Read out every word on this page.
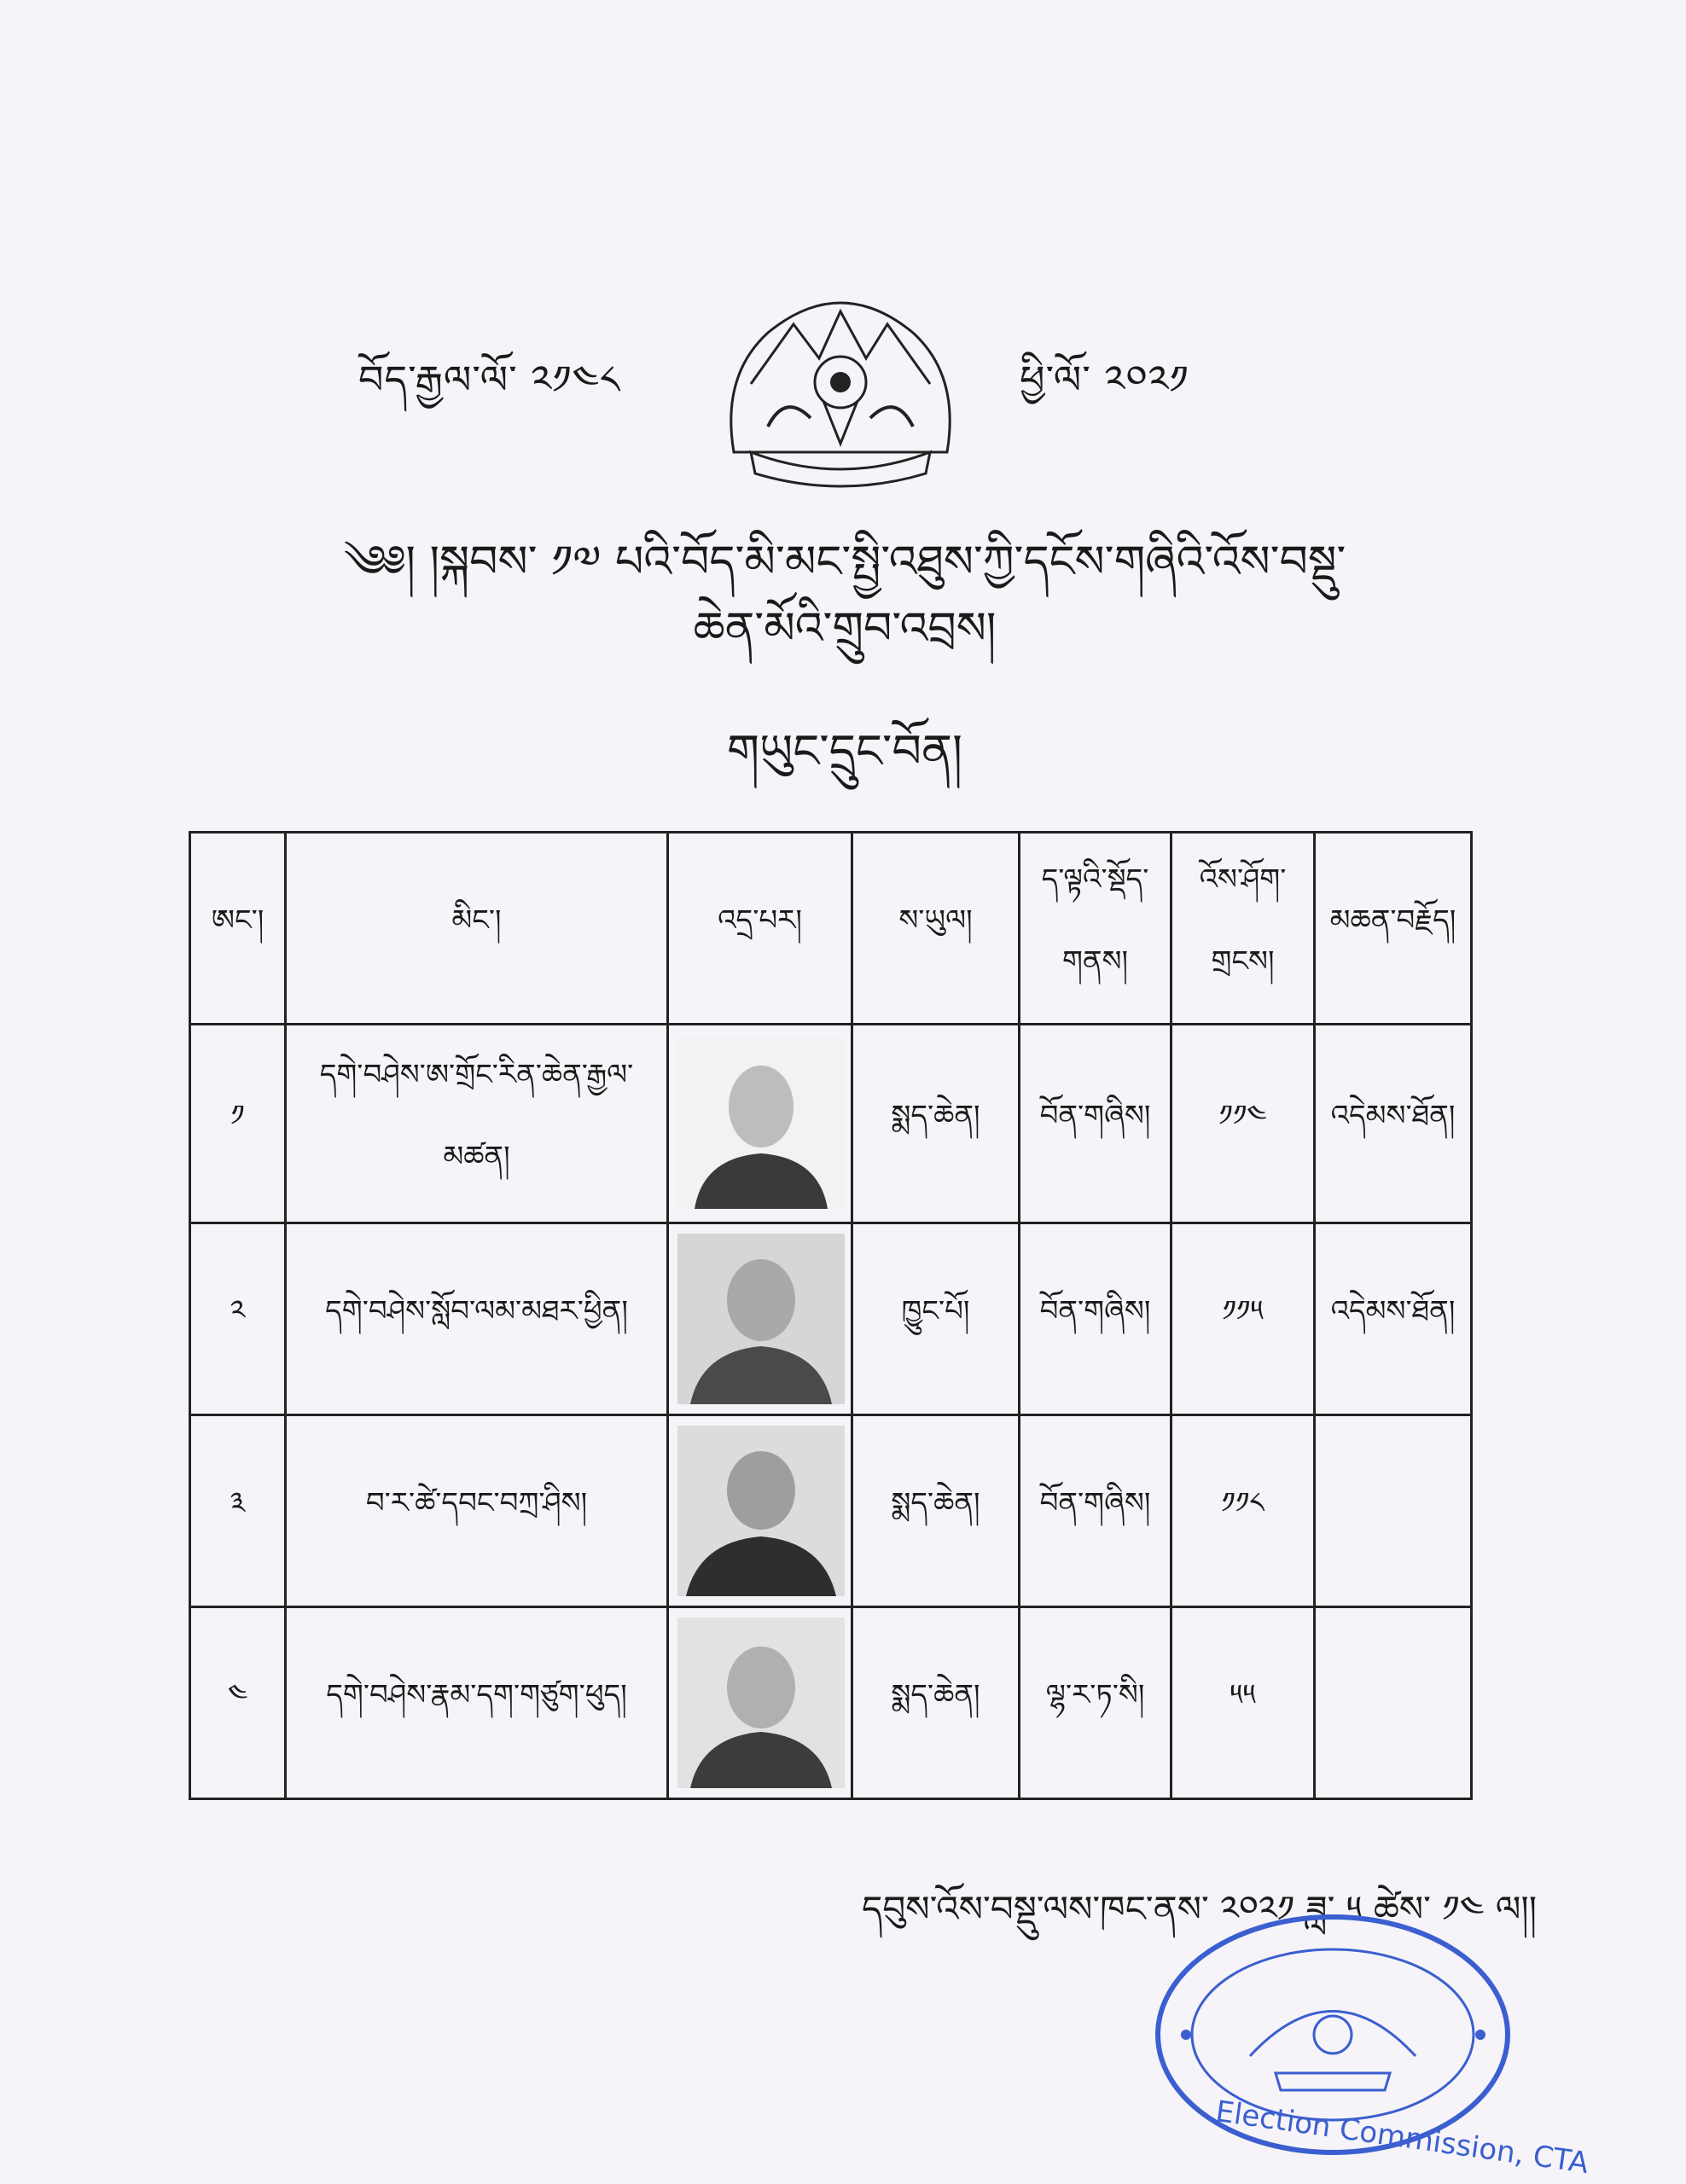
བོད་རྒྱལ་ལོ་ ༢༡༤༨	ཕྱི་ལོ་ ༢༠༢༡
༄༅། །སྐབས་ ༡༧ པའི་བོད་མི་མང་སྤྱི་འཐུས་ཀྱི་དངོས་གཞིའི་འོས་བསྡུ་
ཆེན་མོའི་གྲུབ་འབྲས།
གཡུང་དྲུང་བོན།
ཨང་།	མིང་།	འདྲ་པར།	ས་ཡུལ།	ད་ལྟའི་སྡོད་གནས།	འོས་ཤོག་གྲངས།	མཆན་བརྗོད།
༡	དགེ་བཤེས་ཨ་གྲོང་རིན་ཆེན་རྒྱལ་མཚན།		སྨད་ཆེན།	བོན་གཞིས།	༡༡༤	འདེམས་ཐོན།
༢	དགེ་བཤེས་སློབ་ལམ་མཐར་ཕྱིན།		ཁྱུང་པོ།	བོན་གཞིས།	༡༡༥	འདེམས་ཐོན།
༣	བ་ར་ཚེ་དབང་བཀྲ་ཤིས།		སྨད་ཆེན།	བོན་གཞིས།	༡༡༨	
༤	དགེ་བཤེས་རྣམ་དག་གཙུག་ཕུད།		སྨད་ཆེན།	ལྷ་ར་ཏ་སི།	༥༥	
དབུས་འོས་བསྡུ་ལས་ཁང་ནས་ ༢༠༢༡ ཟླ་ ༥ ཚེས་ ༡༤ ལ།།
Election Commission, CTA
